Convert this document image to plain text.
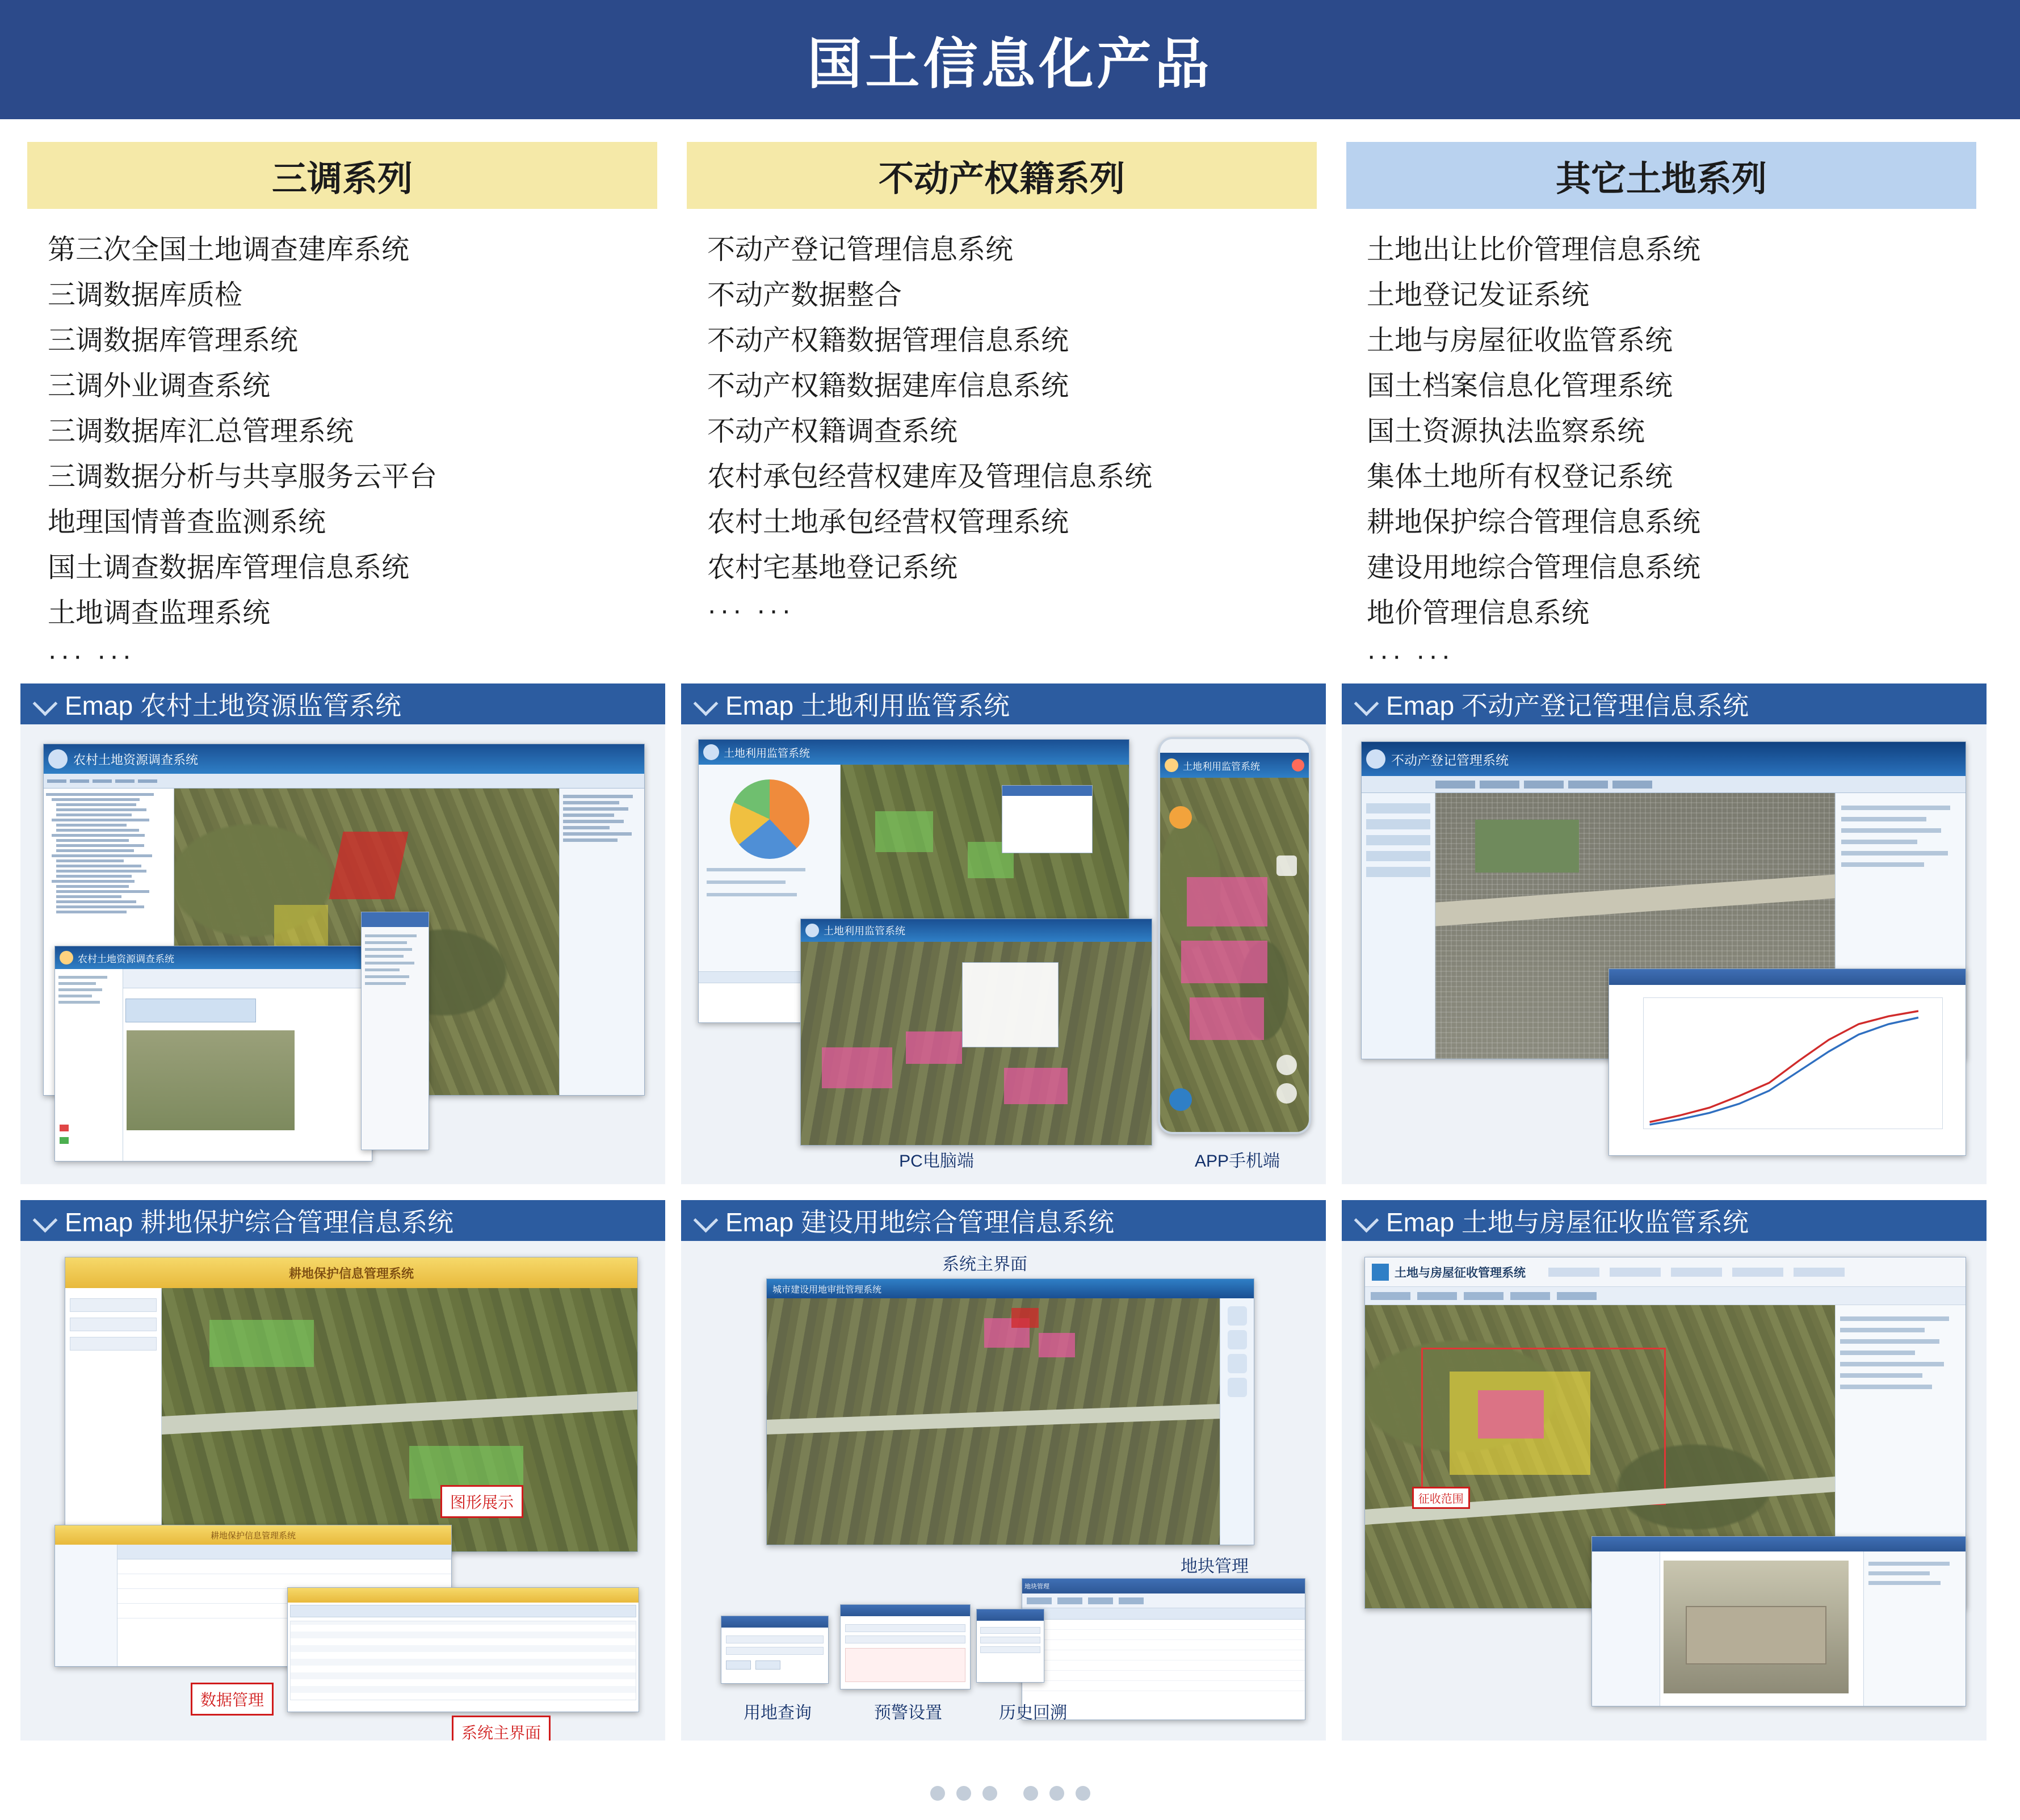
国土信息化产品
三调系列
第三次全国土地调查建库系统
三调数据库质检
三调数据库管理系统
三调外业调查系统
三调数据库汇总管理系统
三调数据分析与共享服务云平台
地理国情普查监测系统
国土调查数据库管理信息系统
土地调查监理系统
··· ···
不动产权籍系列
不动产登记管理信息系统
不动产数据整合
不动产权籍数据管理信息系统
不动产权籍数据建库信息系统
不动产权籍调查系统
农村承包经营权建库及管理信息系统
农村土地承包经营权管理系统
农村宅基地登记系统
··· ···
其它土地系列
土地出让比价管理信息系统
土地登记发证系统
土地与房屋征收监管系统
国土档案信息化管理系统
国土资源执法监察系统
集体土地所有权登记系统
耕地保护综合管理信息系统
建设用地综合管理信息系统
地价管理信息系统
··· ···
Emap 农村土地资源监管系统
农村土地资源调查系统
农村土地资源调查系统
Emap 土地利用监管系统
土地利用监管系统
土地利用监管系统
土地利用监管系统
PC电脑端	APP手机端
Emap 不动产登记管理信息系统
不动产登记管理系统
Emap 耕地保护综合管理信息系统
耕地保护信息管理系统
图形展示
耕地保护信息管理系统
数据管理
系统主界面
Emap 建设用地综合管理信息系统
系统主界面
城市建设用地审批管理系统
地块管理
地块管理
用地查询	预警设置	历史回溯
Emap 土地与房屋征收监管系统
土地与房屋征收管理系统
征收范围
